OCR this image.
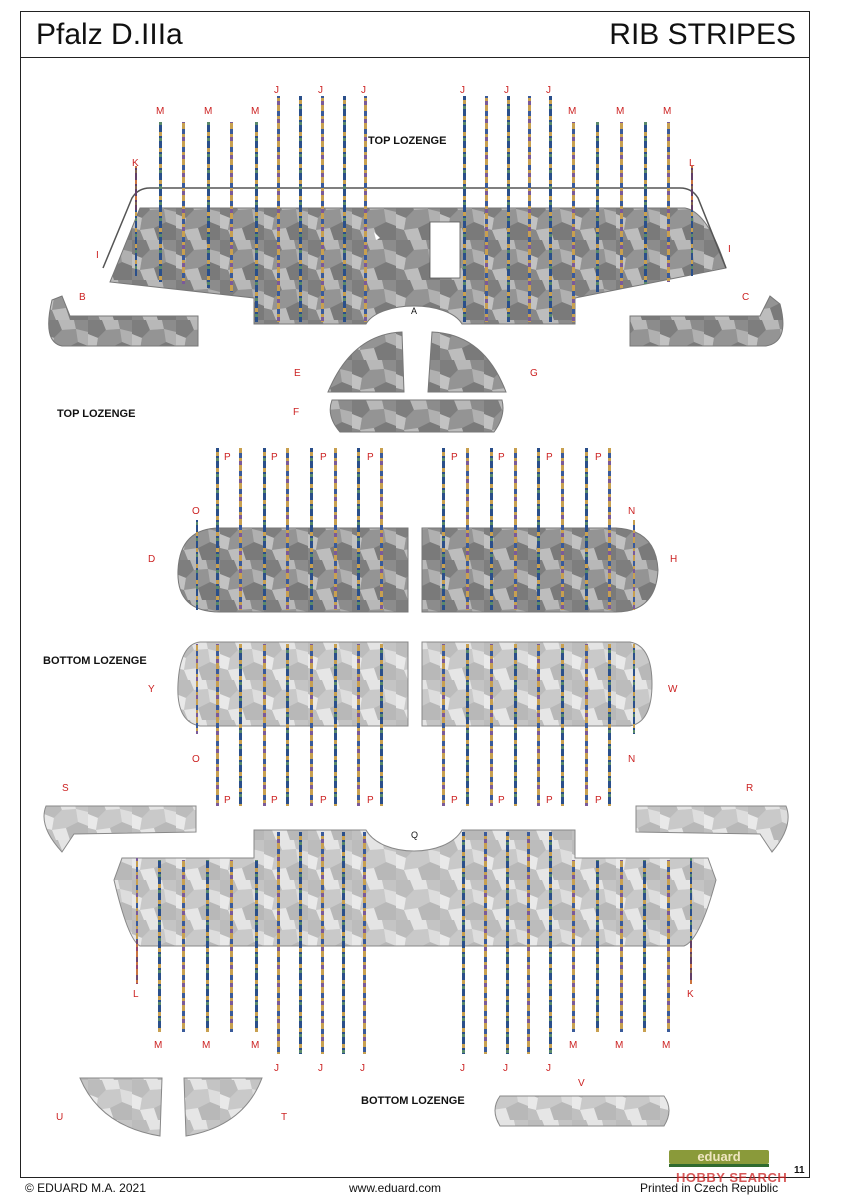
Pfalz D.IIIa	RIB STRIPES
M	M	M
J	J	J	J	J	J
M	M	M
K	L
I
I
B	C
A
E	G
F
P	P	P	P	P	P	P	P
O	N
D	H
Y	W
O	N
S	R
P	P	P	P	P	P	P	P
Q
L	K
M	M	M	M	M	M
J	J	J	J	J	J
V
U	T
TOP LOZENGE
TOP LOZENGE
BOTTOM LOZENGE
BOTTOM LOZENGE
eduard
11
HOBBY SEARCH
© EDUARD M.A. 2021	www.eduard.com	Printed in Czech Republic
